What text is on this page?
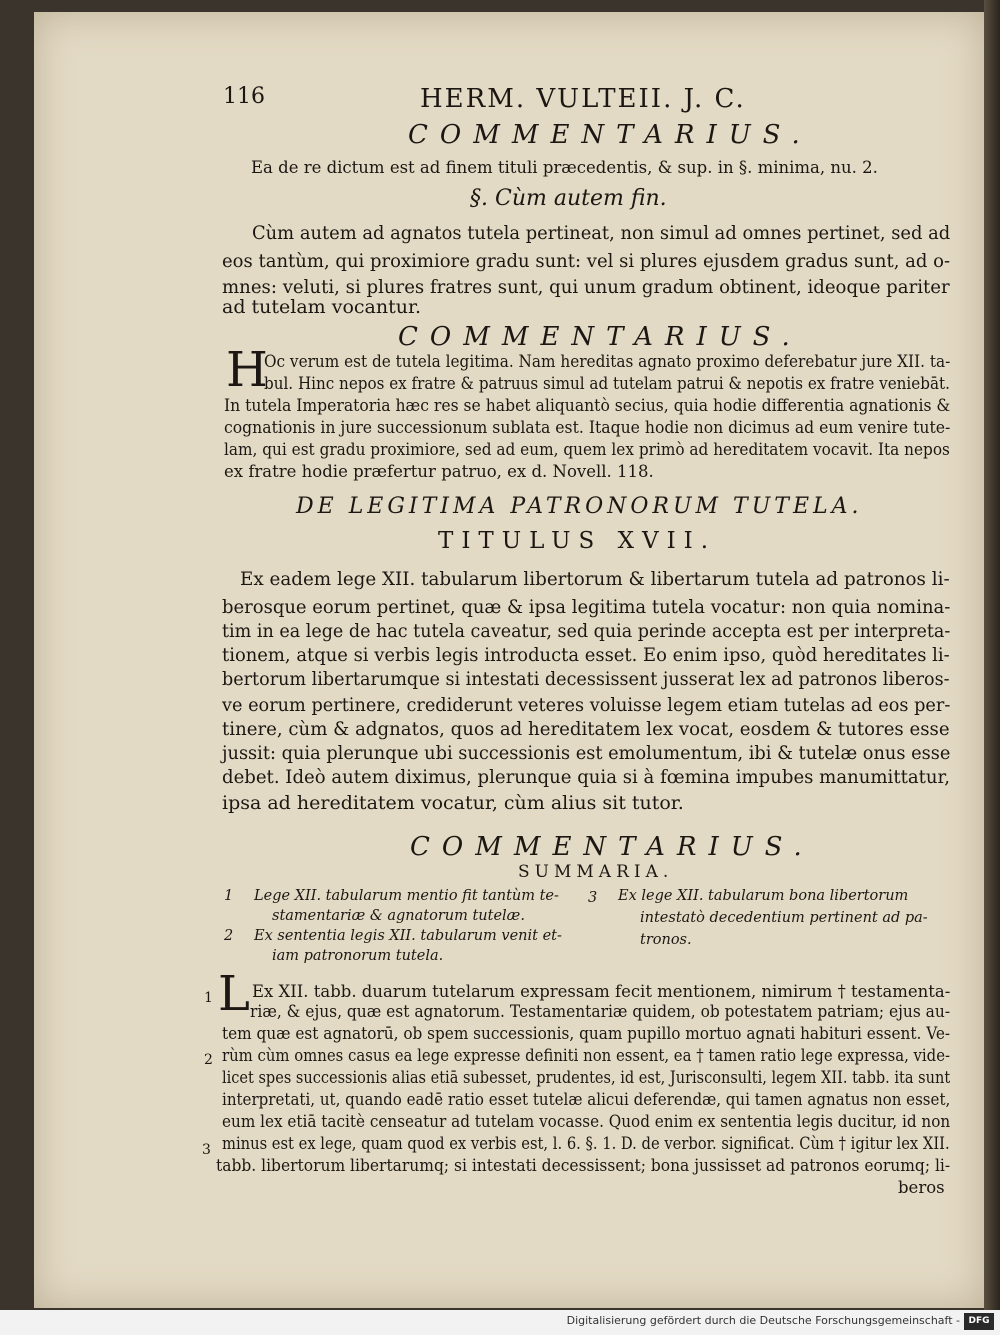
116	HERM. VULTEII. J. C.
COMMENTARIUS.
Ea de re dictum est ad finem tituli præcedentis, & sup. in §. minima, nu. 2.
§. Cùm autem fin.
Cùm autem ad agnatos tutela pertineat, non simul ad omnes pertinet, sed ad
eos tantùm, qui proximiore gradu sunt: vel si plures ejusdem gradus sunt, ad o-
mnes: veluti, si plures fratres sunt, qui unum gradum obtinent, ideoque pariter
ad tutelam vocantur.
COMMENTARIUS.
H
Oc verum est de tutela legitima. Nam hereditas agnato proximo deferebatur jure XII. ta-
bul. Hinc nepos ex fratre & patruus simul ad tutelam patrui & nepotis ex fratre veniebāt.
In tutela Imperatoria hæc res se habet aliquantò secius, quia hodie differentia agnationis &
cognationis in jure successionum sublata est. Itaque hodie non dicimus ad eum venire tute-
lam, qui est gradu proximiore, sed ad eum, quem lex primò ad hereditatem vocavit. Ita nepos
ex fratre hodie præfertur patruo, ex d. Novell. 118.
DE LEGITIMA PATRONORUM TUTELA.
TITULUS XVII.
Ex eadem lege XII. tabularum libertorum & libertarum tutela ad patronos li-
berosque eorum pertinet, quæ & ipsa legitima tutela vocatur: non quia nomina-
tim in ea lege de hac tutela caveatur, sed quia perinde accepta est per interpreta-
tionem, atque si verbis legis introducta esset. Eo enim ipso, quòd hereditates li-
bertorum libertarumque si intestati decessissent jusserat lex ad patronos liberos-
ve eorum pertinere, crediderunt veteres voluisse legem etiam tutelas ad eos per-
tinere, cùm & adgnatos, quos ad hereditatem lex vocat, eosdem & tutores esse
jussit: quia plerunque ubi successionis est emolumentum, ibi & tutelæ onus esse
debet. Ideò autem diximus, plerunque quia si à fœmina impubes manumittatur,
ipsa ad hereditatem vocatur, cùm alius sit tutor.
COMMENTARIUS.
SUMMARIA.
1 Lege XII. tabularum mentio fit tantùm te-
stamentariæ & agnatorum tutelæ.
2 Ex sententia legis XII. tabularum venit et-
iam patronorum tutela.
3 Ex lege XII. tabularum bona libertorum
intestatò decedentium pertinent ad pa-
tronos.
1
2
3
L Ex XII. tabb. duarum tutelarum expressam fecit mentionem, nimirum † testamenta-
riæ, & ejus, quæ est agnatorum. Testamentariæ quidem, ob potestatem patriam; ejus au-
tem quæ est agnatorū, ob spem successionis, quam pupillo mortuo agnati habituri essent. Ve-
rùm cùm omnes casus ea lege expresse definiti non essent, ea † tamen ratio lege expressa, vide-
licet spes successionis alias etiā subesset, prudentes, id est, Jurisconsulti, legem XII. tabb. ita sunt
interpretati, ut, quando eadē ratio esset tutelæ alicui deferendæ, qui tamen agnatus non esset,
eum lex etiā tacitè censeatur ad tutelam vocasse. Quod enim ex sententia legis ducitur, id non
minus est ex lege, quam quod ex verbis est, l. 6. §. 1. D. de verbor. significat. Cùm † igitur lex XII.
tabb. libertorum libertarumq; si intestati decessissent; bona jussisset ad patronos eorumq; li-
beros
Digitalisierung gefördert durch die Deutsche Forschungsgemeinschaft - DFG
